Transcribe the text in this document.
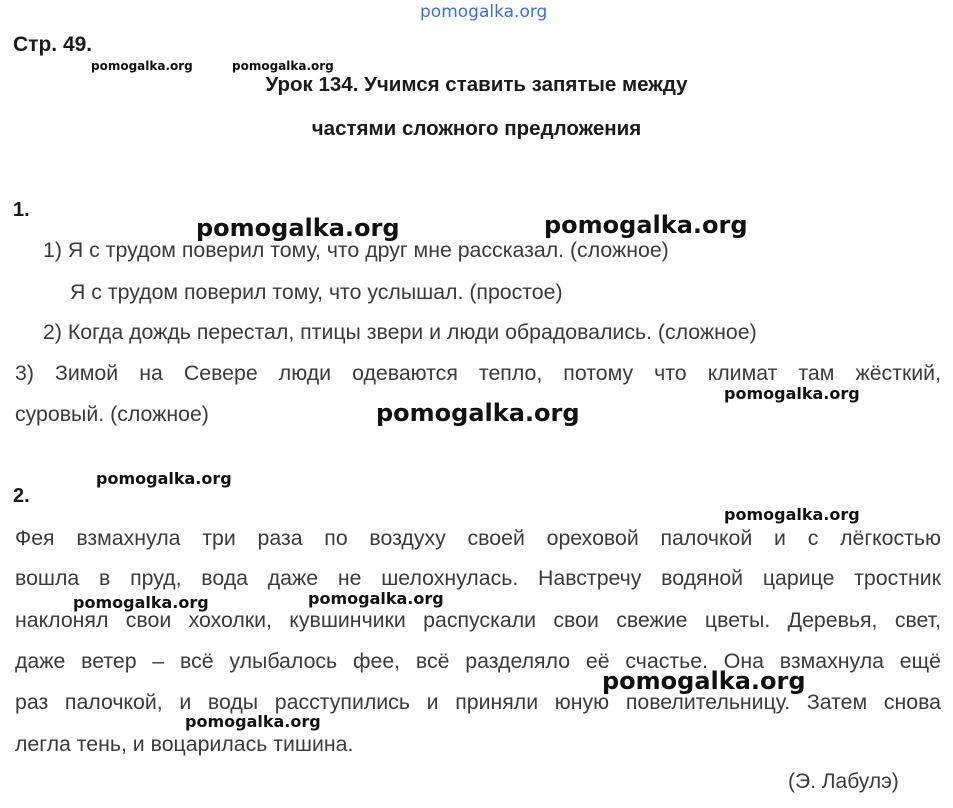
pomogalka.org
Стр. 49.
Урок 134. Учимся ставить запятые между
частями сложного предложения
1.
1) Я с трудом поверил тому, что друг мне рассказал. (сложное)
Я с трудом поверил тому, что услышал. (простое)
2) Когда дождь перестал, птицы звери и люди обрадовались. (сложное)
3) Зимой на Севере люди одеваются тепло, потому что климат там жёсткий,
суровый. (сложное)
2.
Фея взмахнула три раза по воздуху своей ореховой палочкой и с лёгкостью
вошла в пруд, вода даже не шелохнулась. Навстречу водяной царице тростник
наклонял свои хохолки, кувшинчики распускали свои свежие цветы. Деревья, свет,
даже ветер – всё улыбалось фее, всё разделяло её счастье. Она взмахнула ещё
раз палочкой, и воды расступились и приняли юную повелительницу. Затем снова
легла тень, и воцарилась тишина.
(Э. Лабулэ)
pomogalka.org	pomogalka.org
pomogalka.org	pomogalka.org
pomogalka.org
pomogalka.org
pomogalka.org
pomogalka.org
pomogalka.org	pomogalka.org
pomogalka.org
pomogalka.org
